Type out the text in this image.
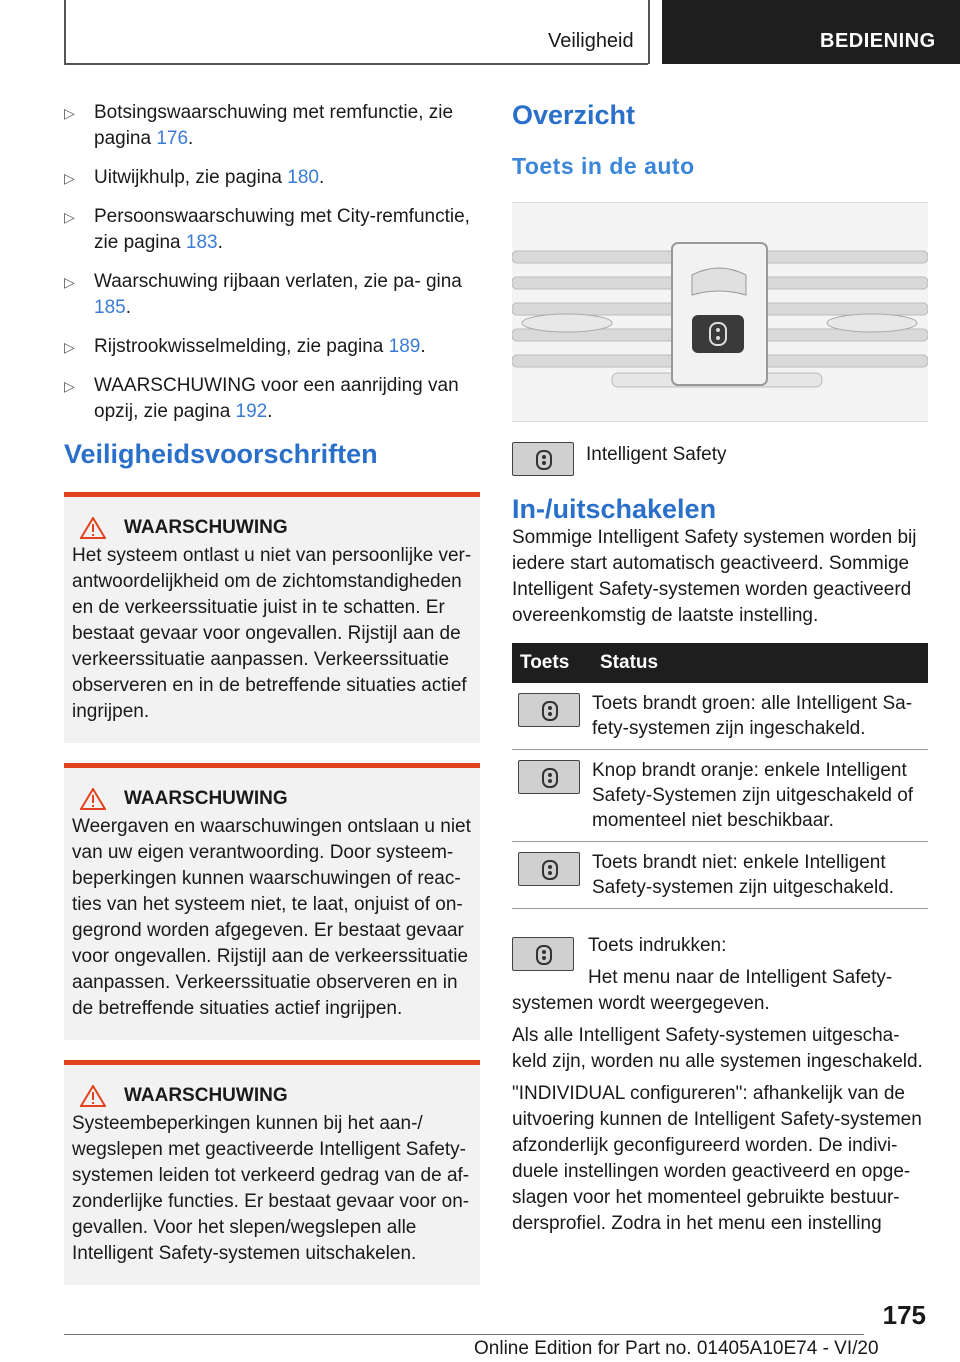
Veiligheid	BEDIENING
▷ Botsingswaarschuwing met remfunctie, zie pagina 176.
▷ Uitwijkhulp, zie pagina 180.
▷ Persoonswaarschuwing met City-remfunctie, zie pagina 183.
▷ Waarschuwing rijbaan verlaten, zie pa- gina 185.
▷ Rijstrookwisselmelding, zie pagina 189.
▷ WAARSCHUWING voor een aanrijding van opzij, zie pagina 192.
Veiligheidsvoorschriften
WAARSCHUWING

Het systeem ontlast u niet van persoonlijke ver- antwoordelijkheid om de zichtomstandigheden en de verkeerssituatie juist in te schatten. Er bestaat gevaar voor ongevallen. Rijstijl aan de verkeerssituatie aanpassen. Verkeerssituatie observeren en in de betreffende situaties actief ingrijpen.

WAARSCHUWING

Weergaven en waarschuwingen ontslaan u niet van uw eigen verantwoording. Door systeem- beperkingen kunnen waarschuwingen of reac- ties van het systeem niet, te laat, onjuist of on- gegrond worden afgegeven. Er bestaat gevaar voor ongevallen. Rijstijl aan de verkeerssituatie aanpassen. Verkeerssituatie observeren en in de betreffende situaties actief ingrijpen.

WAARSCHUWING

Systeembeperkingen kunnen bij het aan-/ wegslepen met geactiveerde Intelligent Safety- systemen leiden tot verkeerd gedrag van de af- zonderlijke functies. Er bestaat gevaar voor on- gevallen. Voor het slepen/wegslepen alle Intelligent Safety-systemen uitschakelen.

Overzicht
Toets in de auto
Intelligent Safety
In-/uitschakelen

Sommige Intelligent Safety systemen worden bij iedere start automatisch geactiveerd. Sommige Intelligent Safety-systemen worden geactiveerd overeenkomstig de laatste instelling.

Toets	Status

	Toets brandt groen: alle Intelligent Sa- fety-systemen zijn ingeschakeld.

	Knop brandt oranje: enkele Intelligent Safety-Systemen zijn uitgeschakeld of momenteel niet beschikbaar.

	Toets brandt niet: enkele Intelligent Safety-systemen zijn uitgeschakeld.
Toets indrukken:
Het menu naar de Intelligent Safety-
systemen wordt weergegeven.

Als alle Intelligent Safety-systemen uitgescha- keld zijn, worden nu alle systemen ingeschakeld.

"INDIVIDUAL configureren": afhankelijk van de uitvoering kunnen de Intelligent Safety-systemen afzonderlijk geconfigureerd worden. De indivi- duele instellingen worden geactiveerd en opge- slagen voor het momenteel gebruikte bestuur- dersprofiel. Zodra in het menu een instelling

175
Online Edition for Part no. 01405A10E74 - VI/20
